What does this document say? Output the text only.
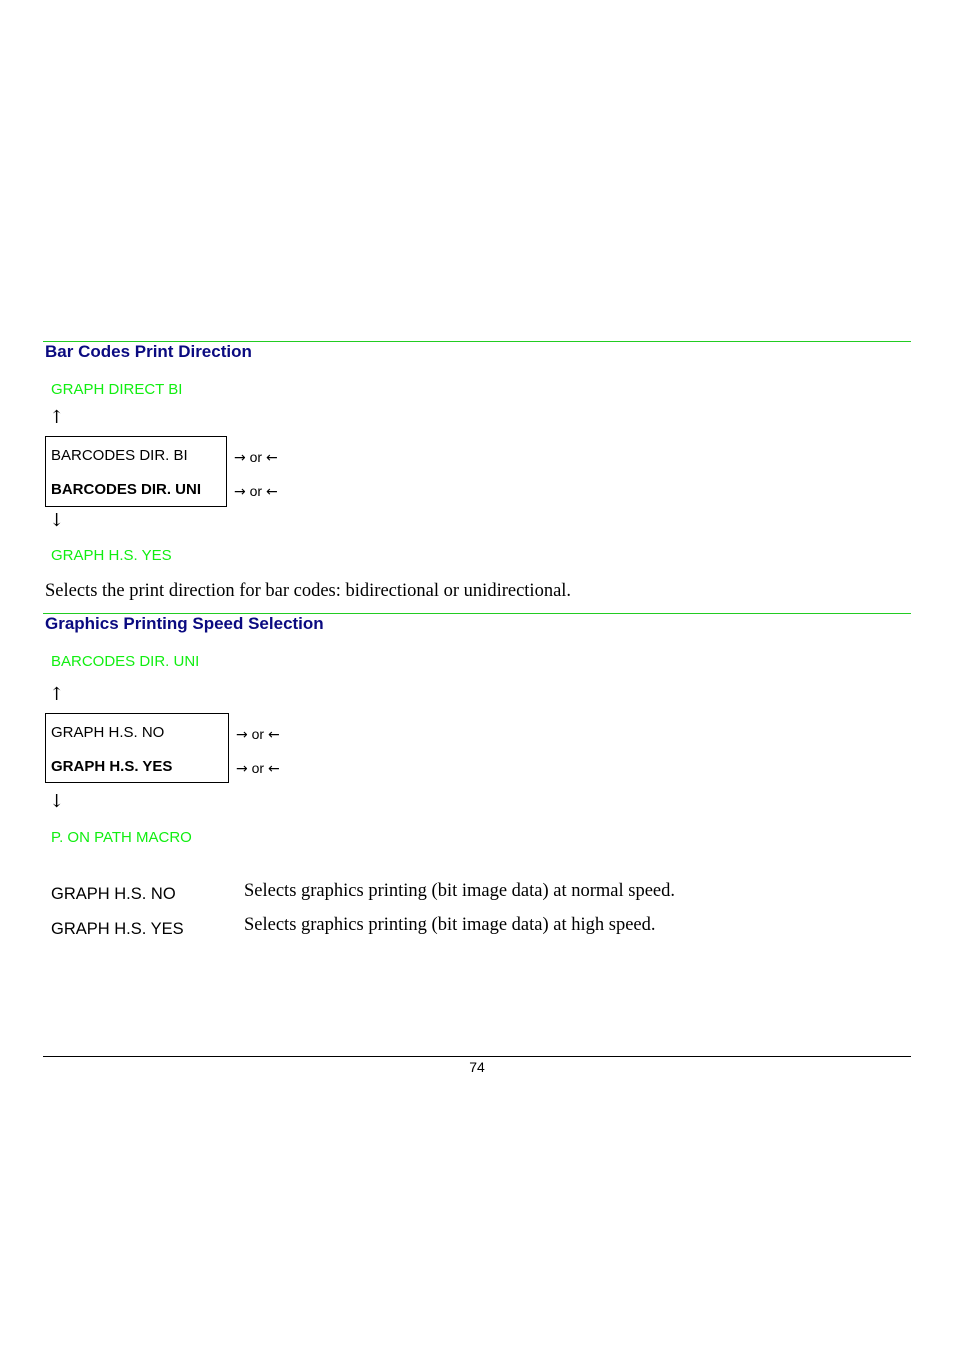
Bar Codes Print Direction
GRAPH DIRECT BI
↑
BARCODES DIR. BI
BARCODES DIR. UNI
→ or ←
→ or ←
↓
GRAPH H.S. YES
Selects the print direction for bar codes: bidirectional or unidirectional.
Graphics Printing Speed Selection
BARCODES DIR. UNI
↑
GRAPH H.S. NO
GRAPH H.S. YES
→ or ←
→ or ←
↓
P. ON PATH MACRO
GRAPH H.S. NO	Selects graphics printing (bit image data) at normal speed.
GRAPH H.S. YES	Selects graphics printing (bit image data) at high speed.
74
